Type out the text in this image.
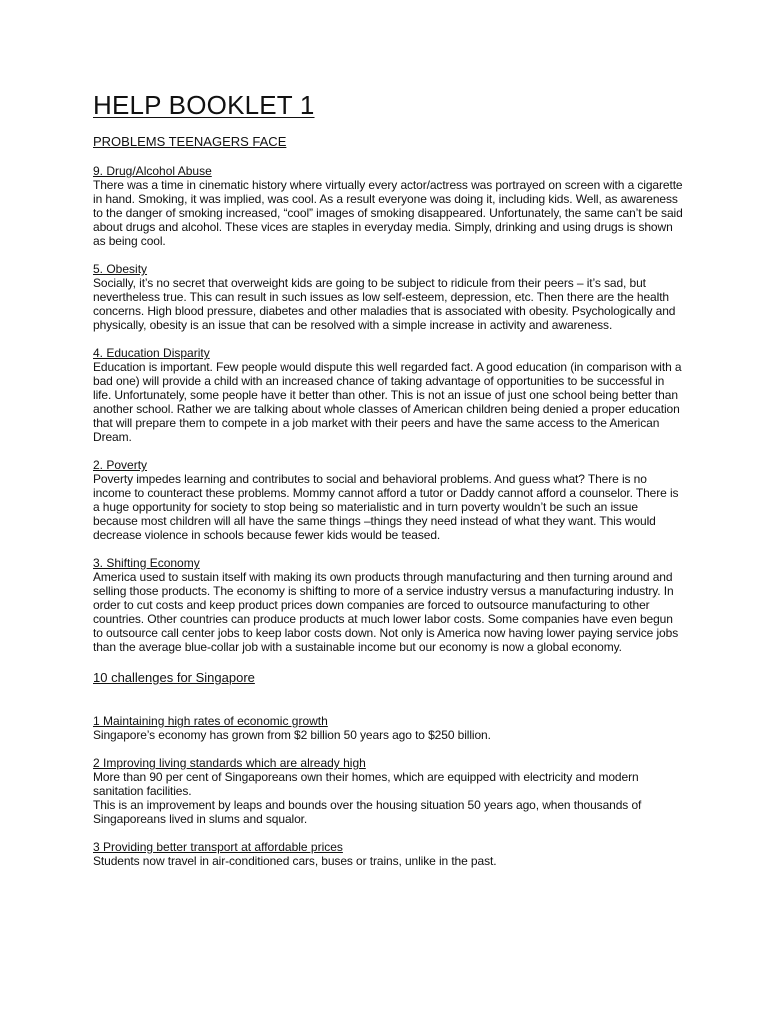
HELP BOOKLET 1
PROBLEMS TEENAGERS FACE
9. Drug/Alcohol Abuse
There was a time in cinematic history where virtually every actor/actress was portrayed on screen with a cigarette in hand. Smoking, it was implied, was cool. As a result everyone was doing it, including kids. Well, as awareness to the danger of smoking increased, “cool” images of smoking disappeared. Unfortunately, the same can’t be said about drugs and alcohol. These vices are staples in everyday media. Simply, drinking and using drugs is shown as being cool.
5. Obesity
Socially, it’s no secret that overweight kids are going to be subject to ridicule from their peers – it’s sad, but nevertheless true. This can result in such issues as low self-esteem, depression, etc. Then there are the health concerns. High blood pressure, diabetes and other maladies that is associated with obesity. Psychologically and physically, obesity is an issue that can be resolved with a simple increase in activity and awareness.
4. Education Disparity
Education is important. Few people would dispute this well regarded fact. A good education (in comparison with a bad one) will provide a child with an increased chance of taking advantage of opportunities to be successful in life. Unfortunately, some people have it better than other. This is not an issue of just one school being better than another school. Rather we are talking about whole classes of American children being denied a proper education that will prepare them to compete in a job market with their peers and have the same access to the American Dream.
2. Poverty
Poverty impedes learning and contributes to social and behavioral problems. And guess what? There is no income to counteract these problems. Mommy cannot afford a tutor or Daddy cannot afford a counselor. There is a huge opportunity for society to stop being so materialistic and in turn poverty wouldn’t be such an issue because most children will all have the same things –things they need instead of what they want. This would decrease violence in schools because fewer kids would be teased.
3. Shifting Economy
America used to sustain itself with making its own products through manufacturing and then turning around and selling those products. The economy is shifting to more of a service industry versus a manufacturing industry. In order to cut costs and keep product prices down companies are forced to outsource manufacturing to other countries. Other countries can produce products at much lower labor costs. Some companies have even begun to outsource call center jobs to keep labor costs down. Not only is America now having lower paying service jobs than the average blue-collar job with a sustainable income but our economy is now a global economy.
10 challenges for Singapore
1 Maintaining high rates of economic growth
Singapore’s economy has grown from $2 billion 50 years ago to $250 billion.
2 Improving living standards which are already high

More than 90 per cent of Singaporeans own their homes, which are equipped with electricity and modern sanitation facilities.

This is an improvement by leaps and bounds over the housing situation 50 years ago, when thousands of Singaporeans lived in slums and squalor.

3 Providing better transport at affordable prices
Students now travel in air-conditioned cars, buses or trains, unlike in the past.
